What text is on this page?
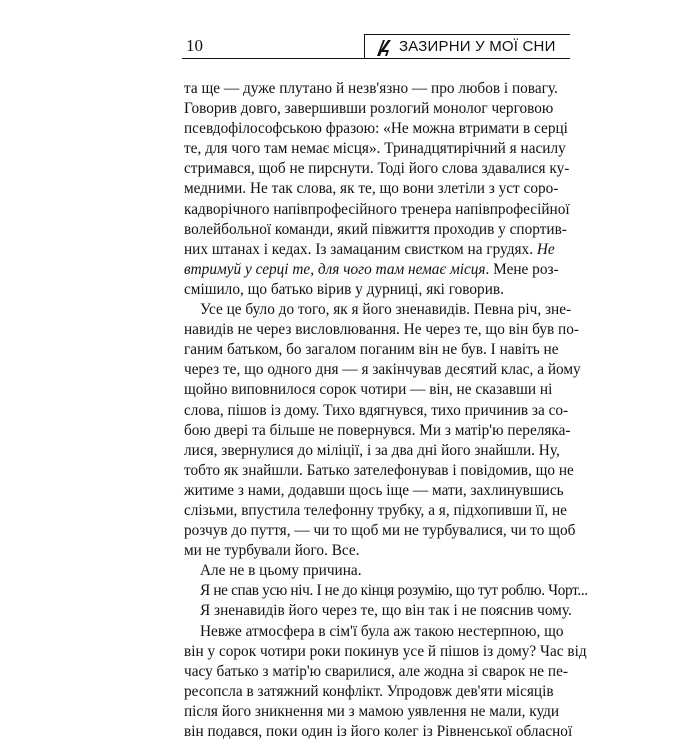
10	ЗАЗИРНИ У МОЇ СНИ
та ще — дуже плутано й незв'язно — про любов і повагу.
Говорив довго, завершивши розлогий монолог черговою
псевдофілософською фразою: «Не можна втримати в серці
те, для чого там немає місця». Тринадцятирічний я насилу
стримався, щоб не пирснути. Тоді його слова здавалися ку-
медними. Не так слова, як те, що вони злетіли з уст соро-
кадворічного напівпрофесійного тренера напівпрофесійної
волейбольної команди, який півжиття проходив у спортив-
них штанах і кедах. Із замацаним свистком на грудях. Не
втримуй у серці те, для чого там немає місця. Мене роз-
смішило, що батько вірив у дурниці, які говорив.
Усе це було до того, як я його зненавидів. Певна річ, зне-
навидів не через висловлювання. Не через те, що він був по-
ганим батьком, бо загалом поганим він не був. І навіть не
через те, що одного дня — я закінчував десятий клас, а йому
щойно виповнилося сорок чотири — він, не сказавши ні
слова, пішов із дому. Тихо вдягнувся, тихо причинив за со-
бою двері та більше не повернувся. Ми з матір'ю переляка-
лися, звернулися до міліції, і за два дні його знайшли. Ну,
тобто як знайшли. Батько зателефонував і повідомив, що не
житиме з нами, додавши щось іще — мати, захлинувшись
слізьми, впустила телефонну трубку, а я, підхопивши її, не
розчув до пуття, — чи то щоб ми не турбувалися, чи то щоб
ми не турбували його. Все.
Але не в цьому причина.
Я не спав усю ніч. І не до кінця розумію, що тут роблю. Чорт...
Я зненавидів його через те, що він так і не пояснив чому.
Невже атмосфера в сім'ї була аж такою нестерпною, що
він у сорок чотири роки покинув усе й пішов із дому? Час від
часу батько з матір'ю сварилися, але жодна зі сварок не пе-
ресопсла в затяжний конфлікт. Упродовж дев'яти місяців
після його зникнення ми з мамою уявлення не мали, куди
він подався, поки один із його колег із Рівненської обласної
